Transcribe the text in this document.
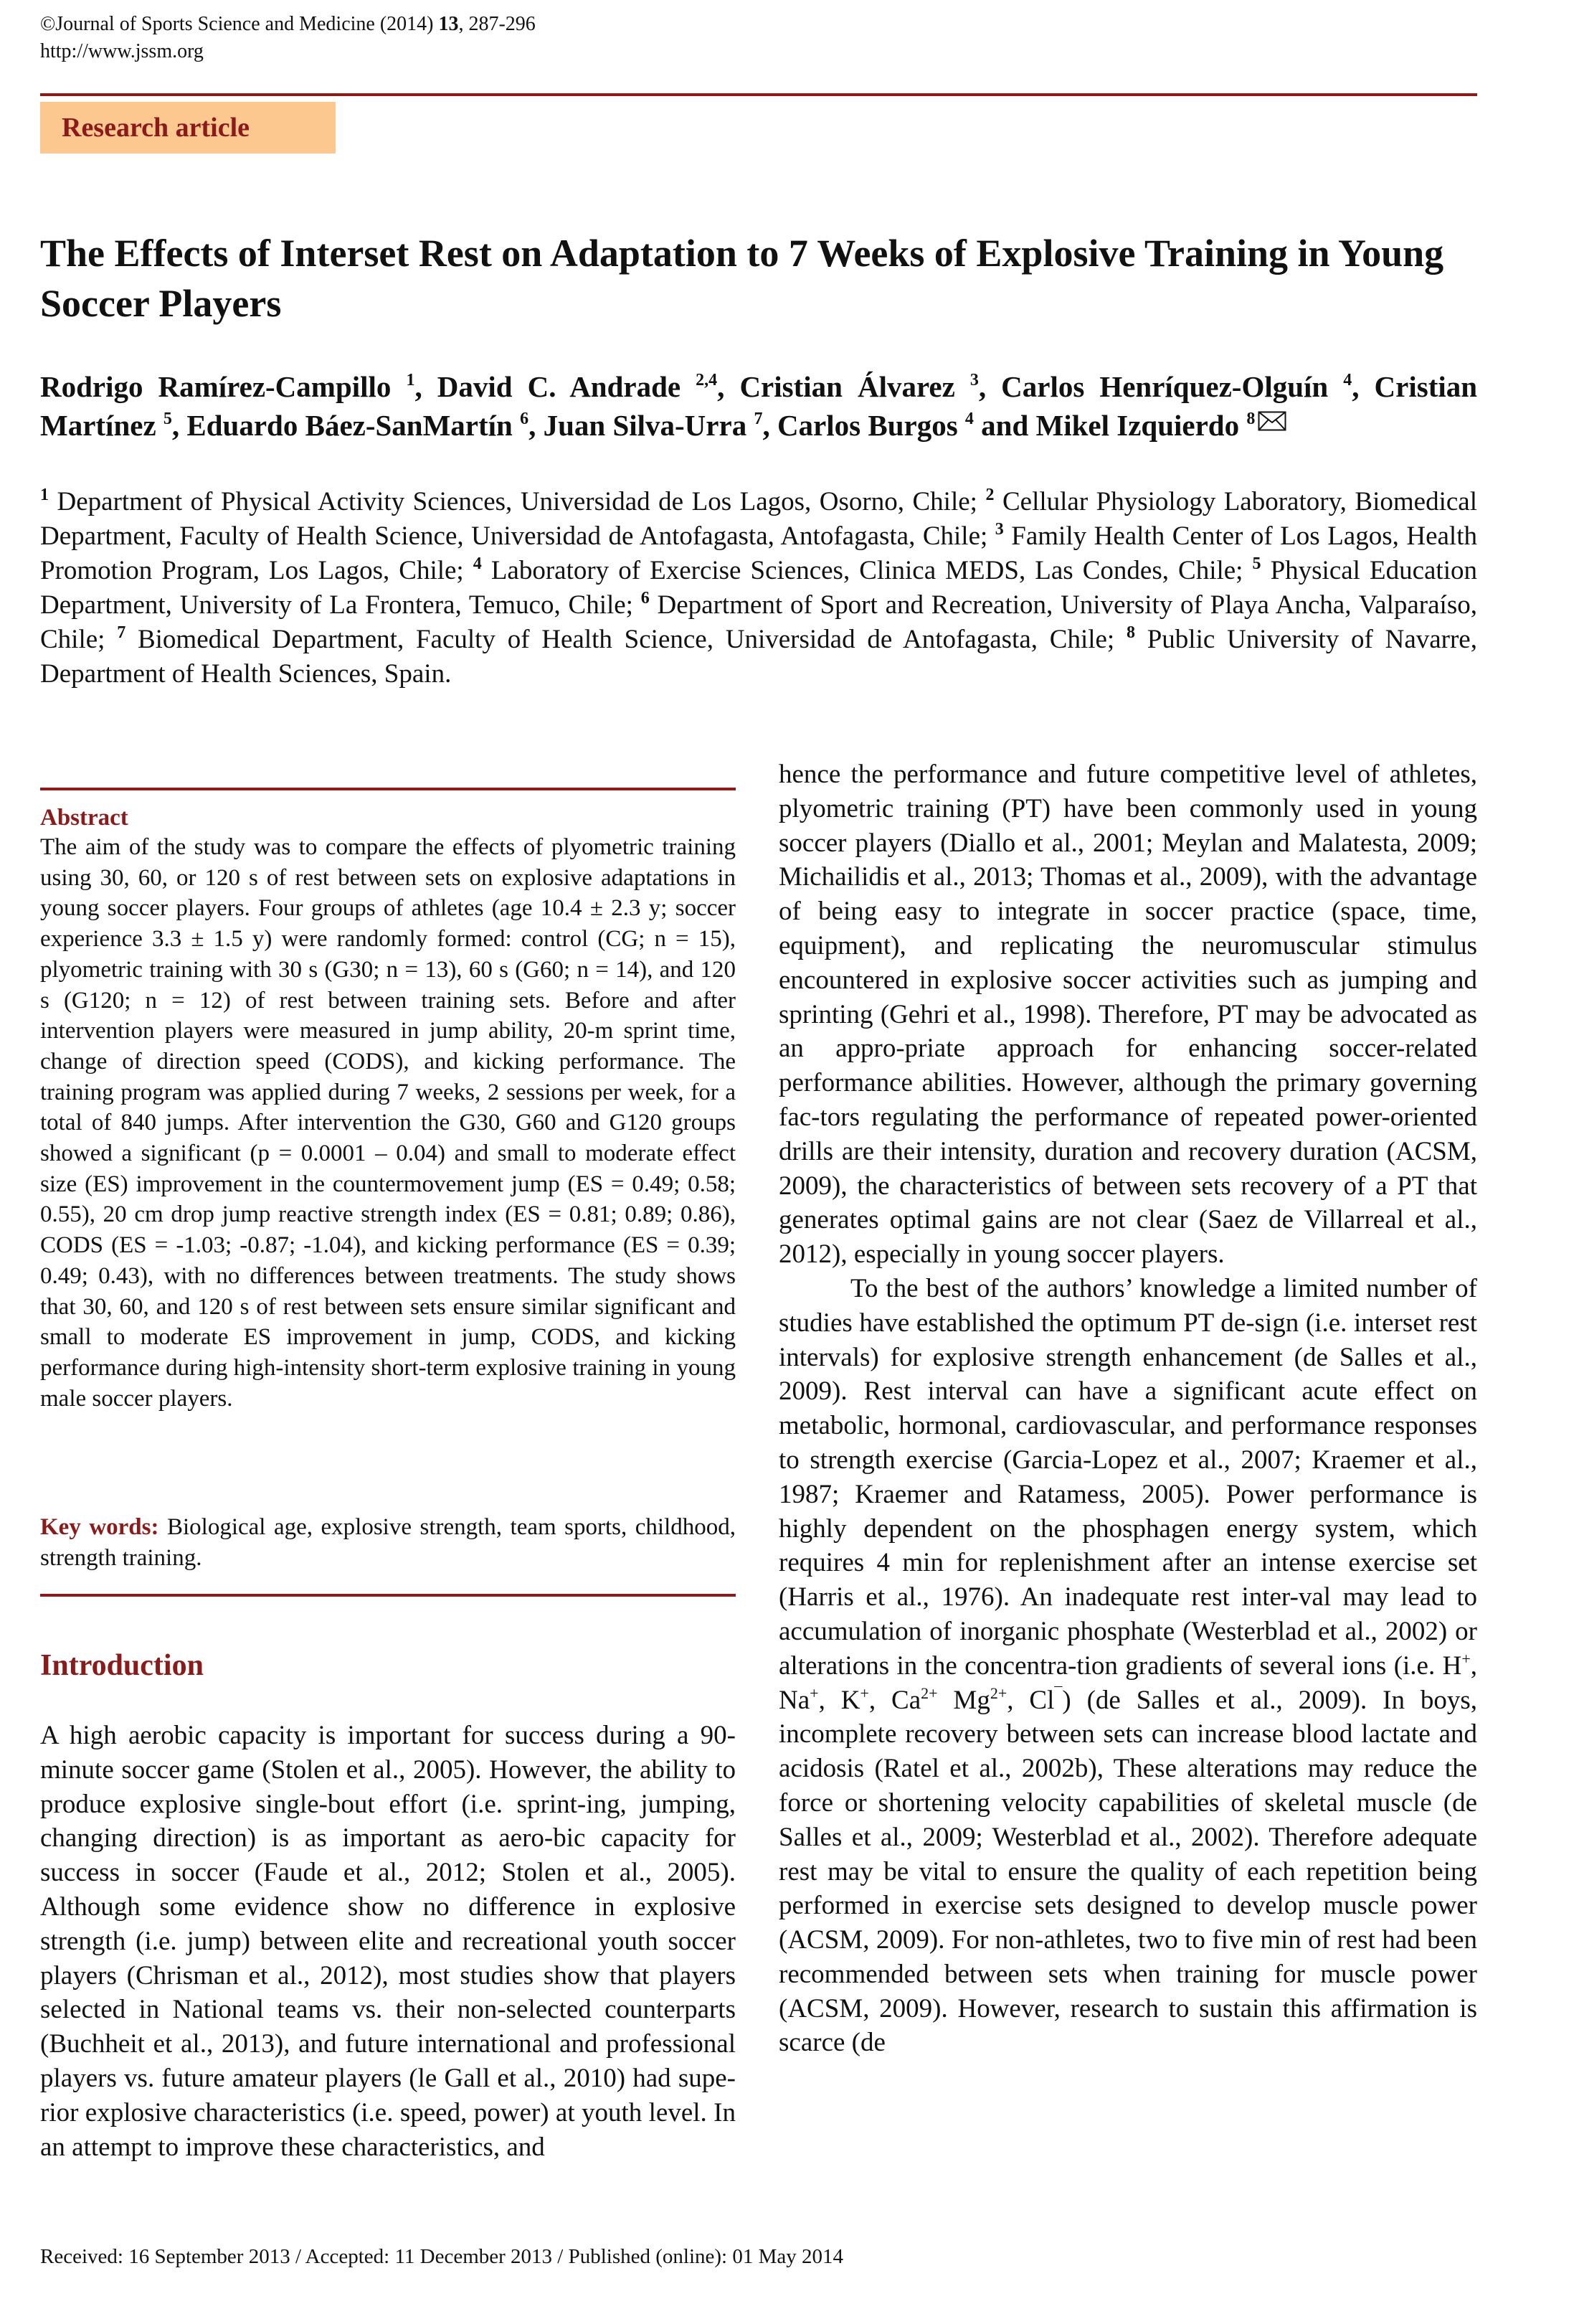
©Journal of Sports Science and Medicine (2014) 13, 287-296
http://www.jssm.org
Research article
The Effects of Interset Rest on Adaptation to 7 Weeks of Explosive Training in Young Soccer Players
Rodrigo Ramírez-Campillo $^1$, David C. Andrade $^{2,4}$, Cristian Álvarez $^3$, Carlos Henríquez-Olguín $^4$, Cristian Martínez $^5$, Eduardo Báez-SanMartín $^6$, Juan Silva-Urra $^7$, Carlos Burgos $^4$ and Mikel Izquierdo $^8$
$^1$ Department of Physical Activity Sciences, Universidad de Los Lagos, Osorno, Chile; $^2$ Cellular Physiology Laboratory, Biomedical Department, Faculty of Health Science, Universidad de Antofagasta, Antofagasta, Chile; $^3$ Family Health Center of Los Lagos, Health Promotion Program, Los Lagos, Chile; $^4$ Laboratory of Exercise Sciences, Clinica MEDS, Las Condes, Chile; $^5$ Physical Education Department, University of La Frontera, Temuco, Chile; $^6$ Department of Sport and Recreation, University of Playa Ancha, Valparaíso, Chile; $^7$ Biomedical Department, Faculty of Health Science, Universidad de Antofagasta, Chile; $^8$ Public University of Navarre, Department of Health Sciences, Spain.
Abstract

The aim of the study was to compare the effects of plyometric training using 30, 60, or 120 s of rest between sets on explosive adaptations in young soccer players. Four groups of athletes (age 10.4 ± 2.3 y; soccer experience 3.3 ± 1.5 y) were randomly formed: control (CG; n = 15), plyometric training with 30 s (G30; n = 13), 60 s (G60; n = 14), and 120 s (G120; n = 12) of rest between training sets. Before and after intervention players were measured in jump ability, 20-m sprint time, change of direction speed (CODS), and kicking performance. The training program was applied during 7 weeks, 2 sessions per week, for a total of 840 jumps. After intervention the G30, G60 and G120 groups showed a significant (p = 0.0001 – 0.04) and small to moderate effect size (ES) improvement in the countermovement jump (ES = 0.49; 0.58; 0.55), 20 cm drop jump reactive strength index (ES = 0.81; 0.89; 0.86), CODS (ES = -1.03; -0.87; -1.04), and kicking performance (ES = 0.39; 0.49; 0.43), with no differences between treatments. The study shows that 30, 60, and 120 s of rest between sets ensure similar significant and small to moderate ES improvement in jump, CODS, and kicking performance during high-intensity short-term explosive training in young male soccer players.

Key words: Biological age, explosive strength, team sports, childhood, strength training.

Introduction

A high aerobic capacity is important for success during a 90-minute soccer game (Stolen et al., 2005). However, the ability to produce explosive single-bout effort (i.e. sprint-ing, jumping, changing direction) is as important as aero-bic capacity for success in soccer (Faude et al., 2012; Stolen et al., 2005). Although some evidence show no difference in explosive strength (i.e. jump) between elite and recreational youth soccer players (Chrisman et al., 2012), most studies show that players selected in National teams vs. their non-selected counterparts (Buchheit et al., 2013), and future international and professional players vs. future amateur players (le Gall et al., 2010) had supe-rior explosive characteristics (i.e. speed, power) at youth level. In an attempt to improve these characteristics, and

hence the performance and future competitive level of athletes, plyometric training (PT) have been commonly used in young soccer players (Diallo et al., 2001; Meylan and Malatesta, 2009; Michailidis et al., 2013; Thomas et al., 2009), with the advantage of being easy to integrate in soccer practice (space, time, equipment), and replicating the neuromuscular stimulus encountered in explosive soccer activities such as jumping and sprinting (Gehri et al., 1998). Therefore, PT may be advocated as an appro-priate approach for enhancing soccer-related performance abilities. However, although the primary governing fac-tors regulating the performance of repeated power-oriented drills are their intensity, duration and recovery duration (ACSM, 2009), the characteristics of between sets recovery of a PT that generates optimal gains are not clear (Saez de Villarreal et al., 2012), especially in young soccer players.

To the best of the authors’ knowledge a limited number of studies have established the optimum PT de-sign (i.e. interset rest intervals) for explosive strength enhancement (de Salles et al., 2009). Rest interval can have a significant acute effect on metabolic, hormonal, cardiovascular, and performance responses to strength exercise (Garcia-Lopez et al., 2007; Kraemer et al., 1987; Kraemer and Ratamess, 2005). Power performance is highly dependent on the phosphagen energy system, which requires 4 min for replenishment after an intense exercise set (Harris et al., 1976). An inadequate rest inter-val may lead to accumulation of inorganic phosphate (Westerblad et al., 2002) or alterations in the concentra-tion gradients of several ions (i.e. H+, Na+, K+, $Ca^{2+}$ $Mg^{2+}$, Cl¯) (de Salles et al., 2009). In boys, incomplete recovery between sets can increase blood lactate and acidosis (Ratel et al., 2002b), These alterations may reduce the force or shortening velocity capabilities of skeletal muscle (de Salles et al., 2009; Westerblad et al., 2002). Therefore adequate rest may be vital to ensure the quality of each repetition being performed in exercise sets designed to develop muscle power (ACSM, 2009). For non-athletes, two to five min of rest had been recommended between sets when training for muscle power (ACSM, 2009). However, research to sustain this affirmation is scarce (de

Received: 16 September 2013 / Accepted: 11 December 2013 / Published (online): 01 May 2014
